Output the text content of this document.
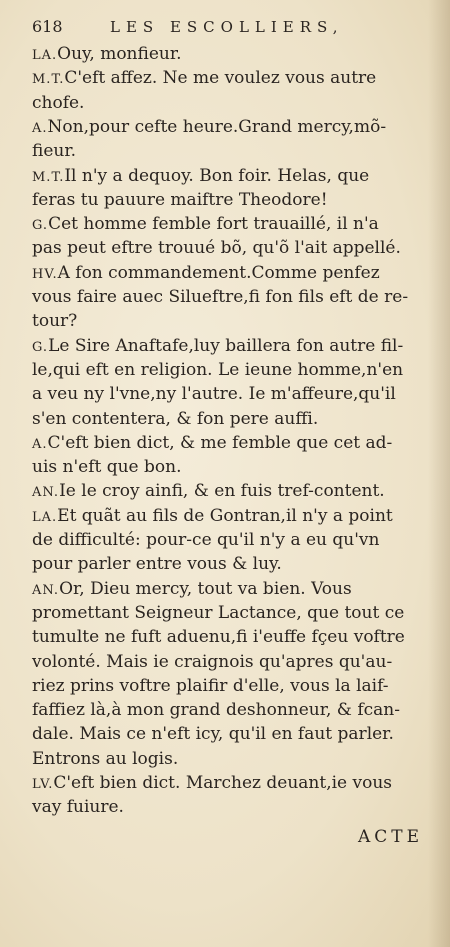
618	LES ESCOLLIERS,
LA.Ouy, monfieur.
M.T.C'eft affez. Ne me voulez vous autre
chofe.
A.Non,pour cefte heure.Grand mercy,mõ-
fieur.
M.T.Il n'y a dequoy. Bon foir. Helas, que
feras tu pauure maiftre Theodore!
G.Cet homme femble fort trauaillé, il n'a
pas peut eftre trouué bõ, qu'õ l'ait appellé.
HV.A fon commandement.Comme penfez
vous faire auec Silueftre,fi fon fils eft de re-
tour?
G.Le Sire Anaftafe,luy baillera fon autre fil-
le,qui eft en religion. Le ieune homme,n'en
a veu ny l'vne,ny l'autre. Ie m'affeure,qu'il
s'en contentera, & fon pere auffi.
A.C'eft bien dict, & me femble que cet ad-
uis n'eft que bon.
AN.Ie le croy ainfi, & en fuis tref-content.
LA.Et quãt au fils de Gontran,il n'y a point
de difficulté: pour-ce qu'il n'y a eu qu'vn
pour parler entre vous & luy.
AN.Or, Dieu mercy, tout va bien. Vous
promettant Seigneur Lactance, que tout ce
tumulte ne fuft aduenu,fi i'euffe fçeu voftre
volonté. Mais ie craignois qu'apres qu'au-
riez prins voftre plaifir d'elle, vous la laif-
faffiez là,à mon grand deshonneur, & fcan-
dale. Mais ce n'eft icy, qu'il en faut parler.
Entrons au logis.
LV.C'eft bien dict. Marchez deuant,ie vous
vay fuiure.
ACTE
